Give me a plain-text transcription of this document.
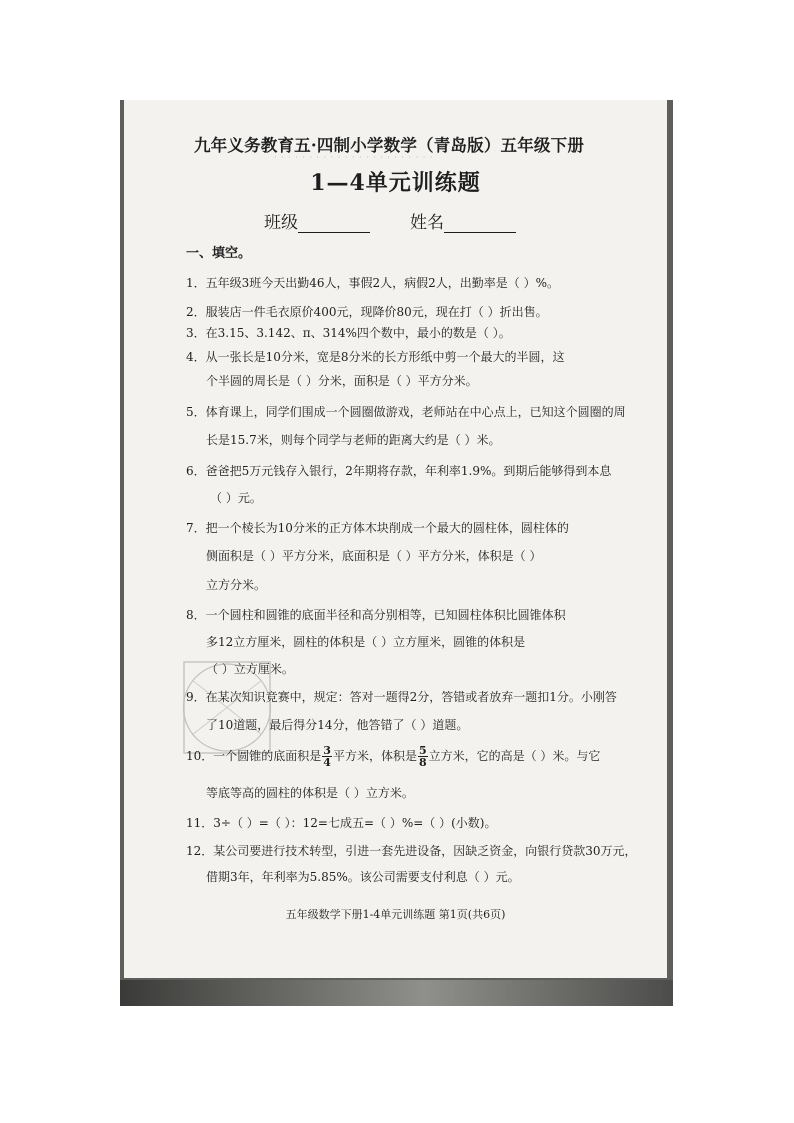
九年义务教育五·四制小学数学（青岛版）五年级下册
· · · · · · · · · · · · · · · · · · · · · · ·
1—4单元训练题
班级	姓名
一、填空。
1．五年级3班今天出勤46人，事假2人，病假2人，出勤率是（ ）%。
2．服装店一件毛衣原价400元，现降价80元，现在打（ ）折出售。
3．在3.15、3.142、π、314%四个数中，最小的数是（ ）。
4．从一张长是10分米，宽是8分米的长方形纸中剪一个最大的半圆，这
个半圆的周长是（ ）分米，面积是（ ）平方分米。
5．体育课上，同学们围成一个圆圈做游戏，老师站在中心点上，已知这个圆圈的周
长是15.7米，则每个同学与老师的距离大约是（ ）米。
6．爸爸把5万元钱存入银行，2年期将存款，年利率1.9%。到期后能够得到本息
（ ）元。
7．把一个棱长为10分米的正方体木块削成一个最大的圆柱体，圆柱体的
侧面积是（ ）平方分米，底面积是（ ）平方分米，体积是（ ）
立方分米。
8．一个圆柱和圆锥的底面半径和高分别相等，已知圆柱体积比圆锥体积
多12立方厘米，圆柱的体积是（ ）立方厘米，圆锥的体积是
（ ）立方厘米。
9．在某次知识竞赛中，规定：答对一题得2分，答错或者放弃一题扣1分。小刚答
了10道题，最后得分14分，他答错了（ ）道题。
10．一个圆锥的底面积是 $\frac{3}{4}$ 平方米，体积是 $\frac{5}{8}$ 立方米，它的高是（ ）米。与它
等底等高的圆柱的体积是（ ）立方米。
11．3÷（ ）=（ ）：12=七成五=（ ）%=（ ）(小数)。
12．某公司要进行技术转型，引进一套先进设备，因缺乏资金，向银行贷款30万元，
借期3年，年利率为5.85%。该公司需要支付利息（ ）元。
五年级数学下册1-4单元训练题 第1页(共6页)
